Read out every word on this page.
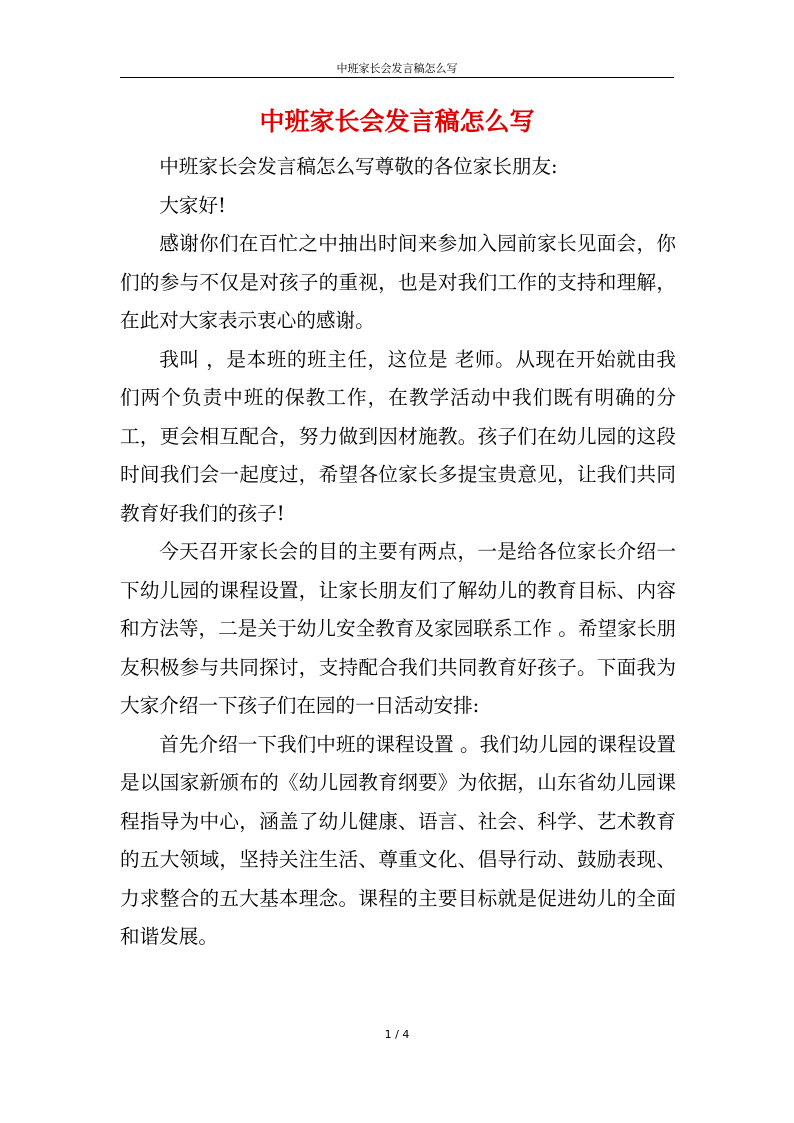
中班家长会发言稿怎么写
中班家长会发言稿怎么写

中班家长会发言稿怎么写尊敬的各位家长朋友:

大家好!

感谢你们在百忙之中抽出时间来参加入园前家长见面会，你们的参与不仅是对孩子的重视，也是对我们工作的支持和理解，在此对大家表示衷心的感谢。

我叫 ，是本班的班主任，这位是 老师。从现在开始就由我们两个负责中班的保教工作，在教学活动中我们既有明确的分工，更会相互配合，努力做到因材施教。孩子们在幼儿园的这段时间我们会一起度过，希望各位家长多提宝贵意见，让我们共同教育好我们的孩子!

今天召开家长会的目的主要有两点，一是给各位家长介绍一下幼儿园的课程设置，让家长朋友们了解幼儿的教育目标、内容和方法等，二是关于幼儿安全教育及家园联系工作 。希望家长朋友积极参与共同探讨，支持配合我们共同教育好孩子。下面我为大家介绍一下孩子们在园的一日活动安排:

首先介绍一下我们中班的课程设置 。我们幼儿园的课程设置是以国家新颁布的《幼儿园教育纲要》为依据，山东省幼儿园课程指导为中心，涵盖了幼儿健康、语言、社会、科学、艺术教育的五大领域，坚持关注生活、尊重文化、倡导行动、鼓励表现、力求整合的五大基本理念。课程的主要目标就是促进幼儿的全面和谐发展。

1 / 4
